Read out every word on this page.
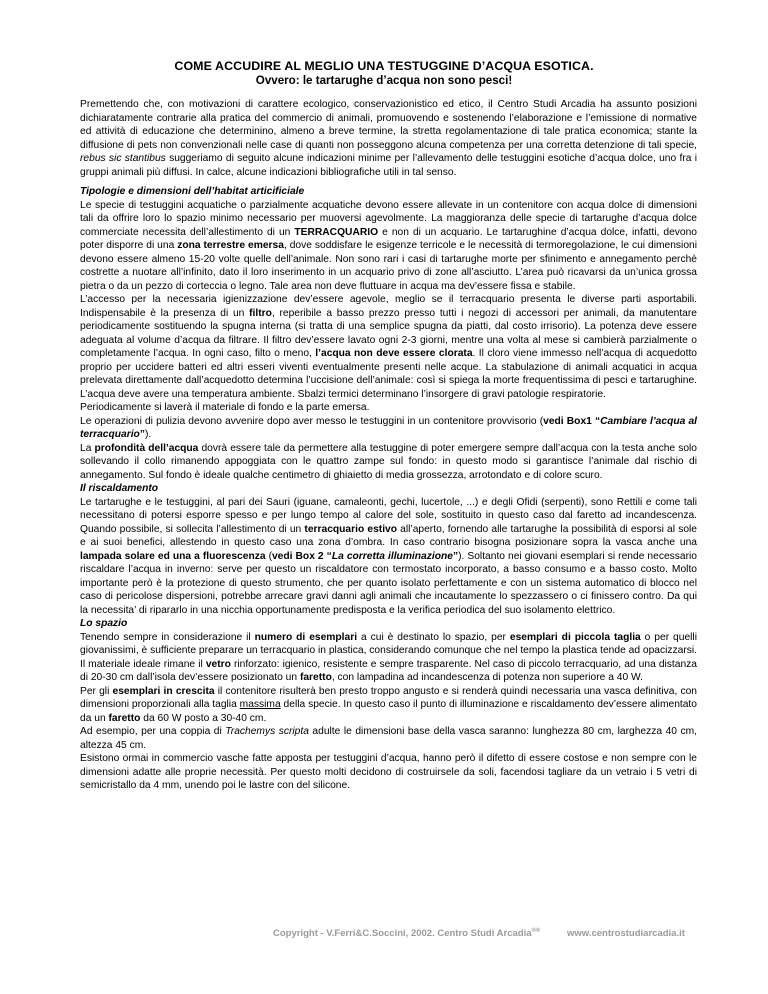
COME ACCUDIRE AL MEGLIO UNA TESTUGGINE D’ACQUA ESOTICA.
Ovvero: le tartarughe d’acqua non sono pesci!

Premettendo che, con motivazioni di carattere ecologico, conservazionistico ed etico, il Centro Studi Arcadia ha assunto posizioni dichiaratamente contrarie alla pratica del commercio di animali, promuovendo e sostenendo l’elaborazione e l’emissione di normative ed attività di educazione che determinino, almeno a breve termine, la stretta regolamentazione di tale pratica economica; stante la diffusione di pets non convenzionali nelle case di quanti non posseggono alcuna competenza per una corretta detenzione di tali specie, rebus sic stantibus suggeriamo di seguito alcune indicazioni minime per l’allevamento delle testuggini esotiche d’acqua dolce, uno fra i gruppi animali più diffusi. In calce, alcune indicazioni bibliografiche utili in tal senso.

Tipologie e dimensioni dell’habitat articificiale

Le specie di testuggini acquatiche o parzialmente acquatiche devono essere allevate in un contenitore con acqua dolce di dimensioni tali da offrire loro lo spazio minimo necessario per muoversi agevolmente. La maggioranza delle specie di tartarughe d’acqua dolce commerciate necessita dell’allestimento di un TERRACQUARIO e non di un acquario. Le tartarughine d’acqua dolce, infatti, devono poter disporre di una zona terrestre emersa, dove soddisfare le esigenze terricole e le necessità di termoregolazione, le cui dimensioni devono essere almeno 15-20 volte quelle dell’animale. Non sono rari i casi di tartarughe morte per sfinimento e annegamento perchè costrette a nuotare all’infinito, dato il loro inserimento in un acquario privo di zone all’asciutto. L’area può ricavarsi da un’unica grossa pietra o da un pezzo di corteccia o legno. Tale area non deve fluttuare in acqua ma dev’essere fissa e stabile.

L’accesso per la necessaria igienizzazione dev’essere agevole, meglio se il terracquario presenta le diverse parti asportabili. Indispensabile è la presenza di un filtro, reperibile a basso prezzo presso tutti i negozi di accessori per animali, da manutentare periodicamente sostituendo la spugna interna (si tratta di una semplice spugna da piatti, dal costo irrisorio). La potenza deve essere adeguata al volume d’acqua da filtrare. Il filtro dev’essere lavato ogni 2-3 giorni, mentre una volta al mese si cambierà parzialmente o completamente l’acqua. In ogni caso, filto o meno, l’acqua non deve essere clorata. Il cloro viene immesso nell’acqua di acquedotto proprio per uccidere batteri ed altri esseri viventi eventualmente presenti nelle acque. La stabulazione di animali acquatici in acqua prelevata direttamente dall’acquedotto determina l’uccisione dell’animale: così si spiega la morte frequentissima di pesci e tartarughine. L’acqua deve avere una temperatura ambiente. Sbalzi termici determinano l’insorgere di gravi patologie respiratorie.

Periodicamente si laverà il materiale di fondo e la parte emersa.

Le operazioni di pulizia devono avvenire dopo aver messo le testuggini in un contenitore provvisorio (vedi Box1 “Cambiare l’acqua al terracquario”).

La profondità dell’acqua dovrà essere tale da permettere alla testuggine di poter emergere sempre dall’acqua con la testa anche solo sollevando il collo rimanendo appoggiata con le quattro zampe sul fondo: in questo modo si garantisce l’animale dal rischio di annegamento. Sul fondo è ideale qualche centimetro di ghiaietto di media grossezza, arrotondato e di colore scuro.

Il riscaldamento

Le tartarughe e le testuggini, al pari dei Sauri (iguane, camaleonti, gechi, lucertole, ...) e degli Ofidi (serpenti), sono Rettili e come tali necessitano di potersi esporre spesso e per lungo tempo al calore del sole, sostituito in questo caso dal faretto ad incandescenza. Quando possibile, si sollecita l’allestimento di un terracquario estivo all’aperto, fornendo alle tartarughe la possibilità di esporsi al sole e ai suoi benefici, allestendo in questo caso una zona d’ombra. In caso contrario bisogna posizionare sopra la vasca anche una lampada solare ed una a fluorescenza (vedi Box 2 “La corretta illuminazione”). Soltanto nei giovani esemplari si rende necessario riscaldare l’acqua in inverno: serve per questo un riscaldatore con termostato incorporato, a basso consumo e a basso costo. Molto importante però è la protezione di questo strumento, che per quanto isolato perfettamente e con un sistema automatico di blocco nel caso di pericolose dispersioni, potrebbe arrecare gravi danni agli animali che incautamente lo spezzassero o ci finissero contro. Da qui la necessita’ di ripararlo in una nicchia opportunamente predisposta e la verifica periodica del suo isolamento elettrico.

Lo spazio

Tenendo sempre in considerazione il numero di esemplari a cui è destinato lo spazio, per esemplari di piccola taglia o per quelli giovanissimi, è sufficiente preparare un terracquario in plastica, considerando comunque che nel tempo la plastica tende ad opacizzarsi. Il materiale ideale rimane il vetro rinforzato: igienico, resistente e sempre trasparente. Nel caso di piccolo terracquario, ad una distanza di 20-30 cm dall’isola dev’essere posizionato un faretto, con lampadina ad incandescenza di potenza non superiore a 40 W.

Per gli esemplari in crescita il contenitore risulterà ben presto troppo angusto e si renderà quindi necessaria una vasca definitiva, con dimensioni proporzionali alla taglia massima della specie. In questo caso il punto di illuminazione e riscaldamento dev’essere alimentato da un faretto da 60 W posto a 30-40 cm.

Ad esempio, per una coppia di Trachemys scripta adulte le dimensioni base della vasca saranno: lunghezza 80 cm, larghezza 40 cm, altezza 45 cm.

Esistono ormai in commercio vasche fatte apposta per testuggini d’acqua, hanno però il difetto di essere costose e non sempre con le dimensioni adatte alle proprie necessità. Per questo molti decidono di costruirsele da soli, facendosi tagliare da un vetraio i 5 vetri di semicristallo da 4 mm, unendo poi le lastre con del silicone.

Copyright - V.Ferri&C.Soccini, 2002. Centro Studi Arcadia®®	www.centrostudiarcadia.it
